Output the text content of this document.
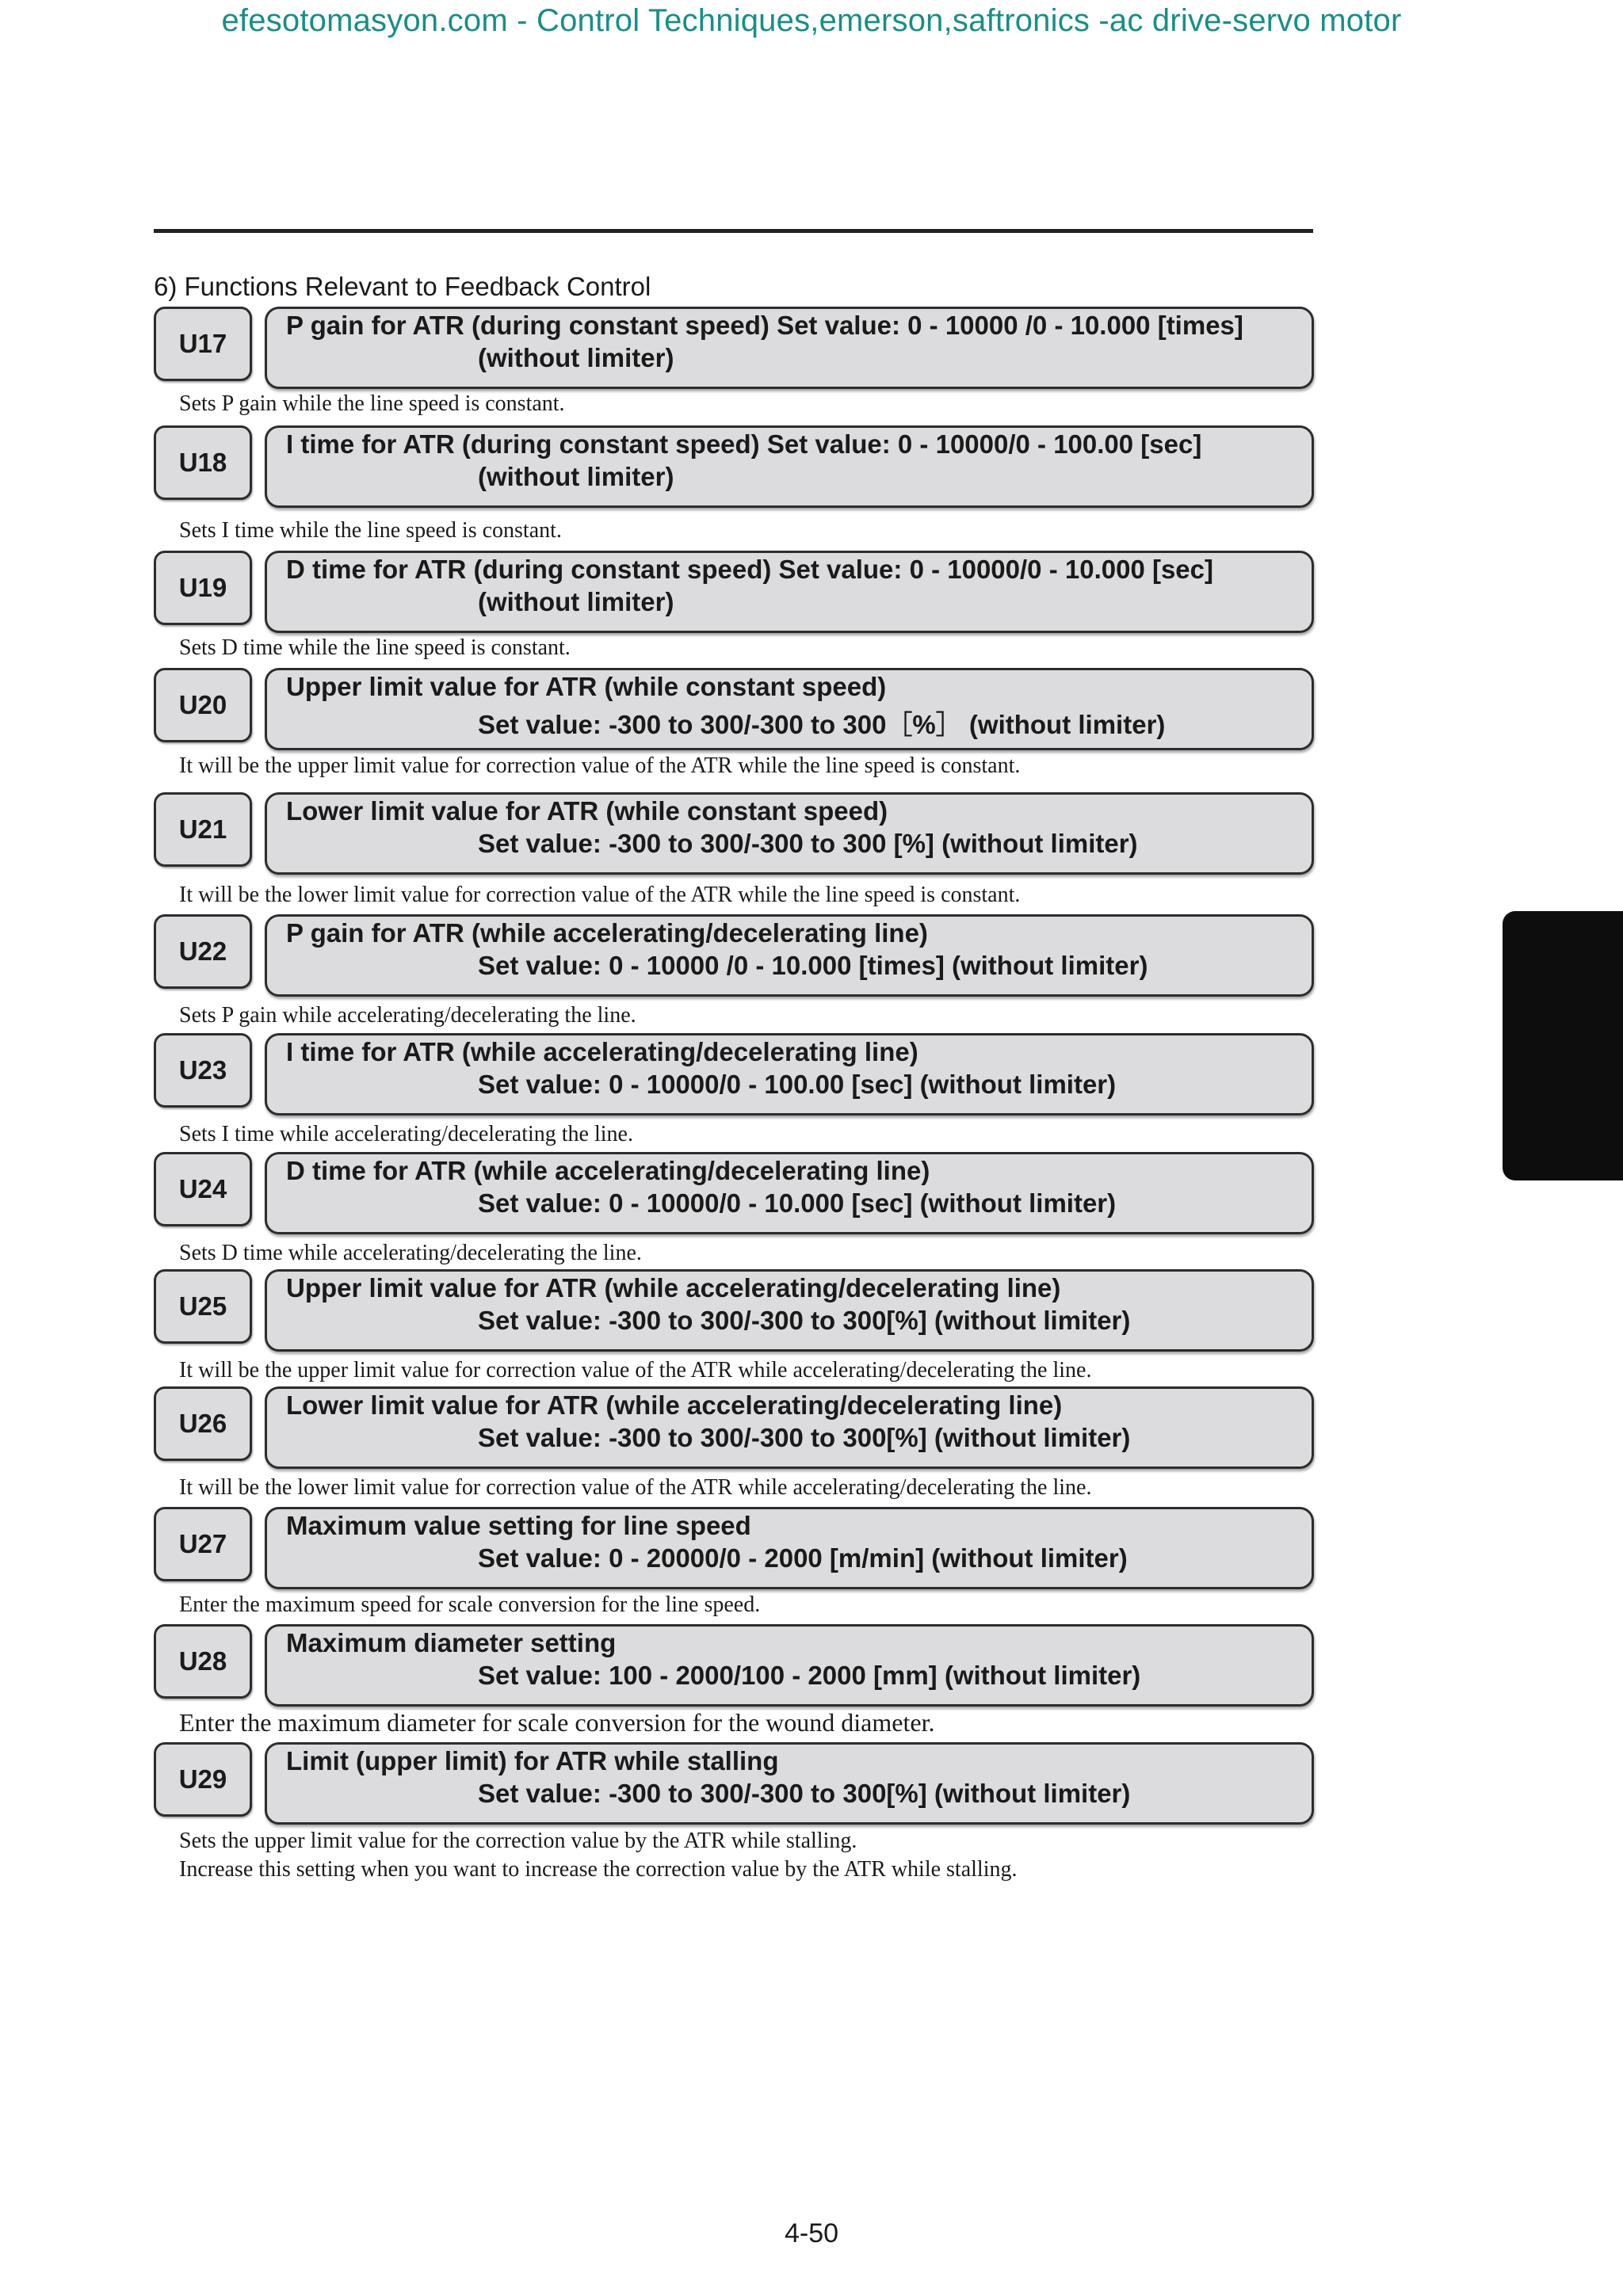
efesotomasyon.com - Control Techniques,emerson,saftronics -ac drive-servo motor
6) Functions Relevant to Feedback Control
U17
P gain for ATR (during constant speed) Set value: 0 - 10000 /0 - 10.000 [times]
(without limiter)
Sets P gain while the line speed is constant.
U18
I time for ATR (during constant speed) Set value: 0 - 10000/0 - 100.00 [sec]
(without limiter)
Sets I time while the line speed is constant.
U19
D time for ATR (during constant speed) Set value: 0 - 10000/0 - 10.000 [sec]
(without limiter)
Sets D time while the line speed is constant.
U20
Upper limit value for ATR (while constant speed)
Set value: -300 to 300/-300 to 300［%］ (without limiter)
It will be the upper limit value for correction value of the ATR while the line speed is constant.
U21
Lower limit value for ATR (while constant speed)
Set value: -300 to 300/-300 to 300 [%] (without limiter)
It will be the lower limit value for correction value of the ATR while the line speed is constant.
U22
P gain for ATR (while accelerating/decelerating line)
Set value: 0 - 10000 /0 - 10.000 [times] (without limiter)
Sets P gain while accelerating/decelerating the line.
U23
I time for ATR (while accelerating/decelerating line)
Set value: 0 - 10000/0 - 100.00 [sec] (without limiter)
Sets I time while accelerating/decelerating the line.
U24
D time for ATR (while accelerating/decelerating line)
Set value: 0 - 10000/0 - 10.000 [sec] (without limiter)
Sets D time while accelerating/decelerating the line.
U25
Upper limit value for ATR (while accelerating/decelerating line)
Set value: -300 to 300/-300 to 300[%] (without limiter)
It will be the upper limit value for correction value of the ATR while accelerating/decelerating the line.
U26
Lower limit value for ATR (while accelerating/decelerating line)
Set value: -300 to 300/-300 to 300[%] (without limiter)
It will be the lower limit value for correction value of the ATR while accelerating/decelerating the line.
U27
Maximum value setting for line speed
Set value: 0 - 20000/0 - 2000 [m/min] (without limiter)
Enter the maximum speed for scale conversion for the line speed.
U28
Maximum diameter setting
Set value: 100 - 2000/100 - 2000 [mm] (without limiter)
Enter the maximum diameter for scale conversion for the wound diameter.
U29
Limit (upper limit) for ATR while stalling
Set value: -300 to 300/-300 to 300[%] (without limiter)
Sets the upper limit value for the correction value by the ATR while stalling.
Increase this setting when you want to increase the correction value by the ATR while stalling.
Packaged Software
4-50
